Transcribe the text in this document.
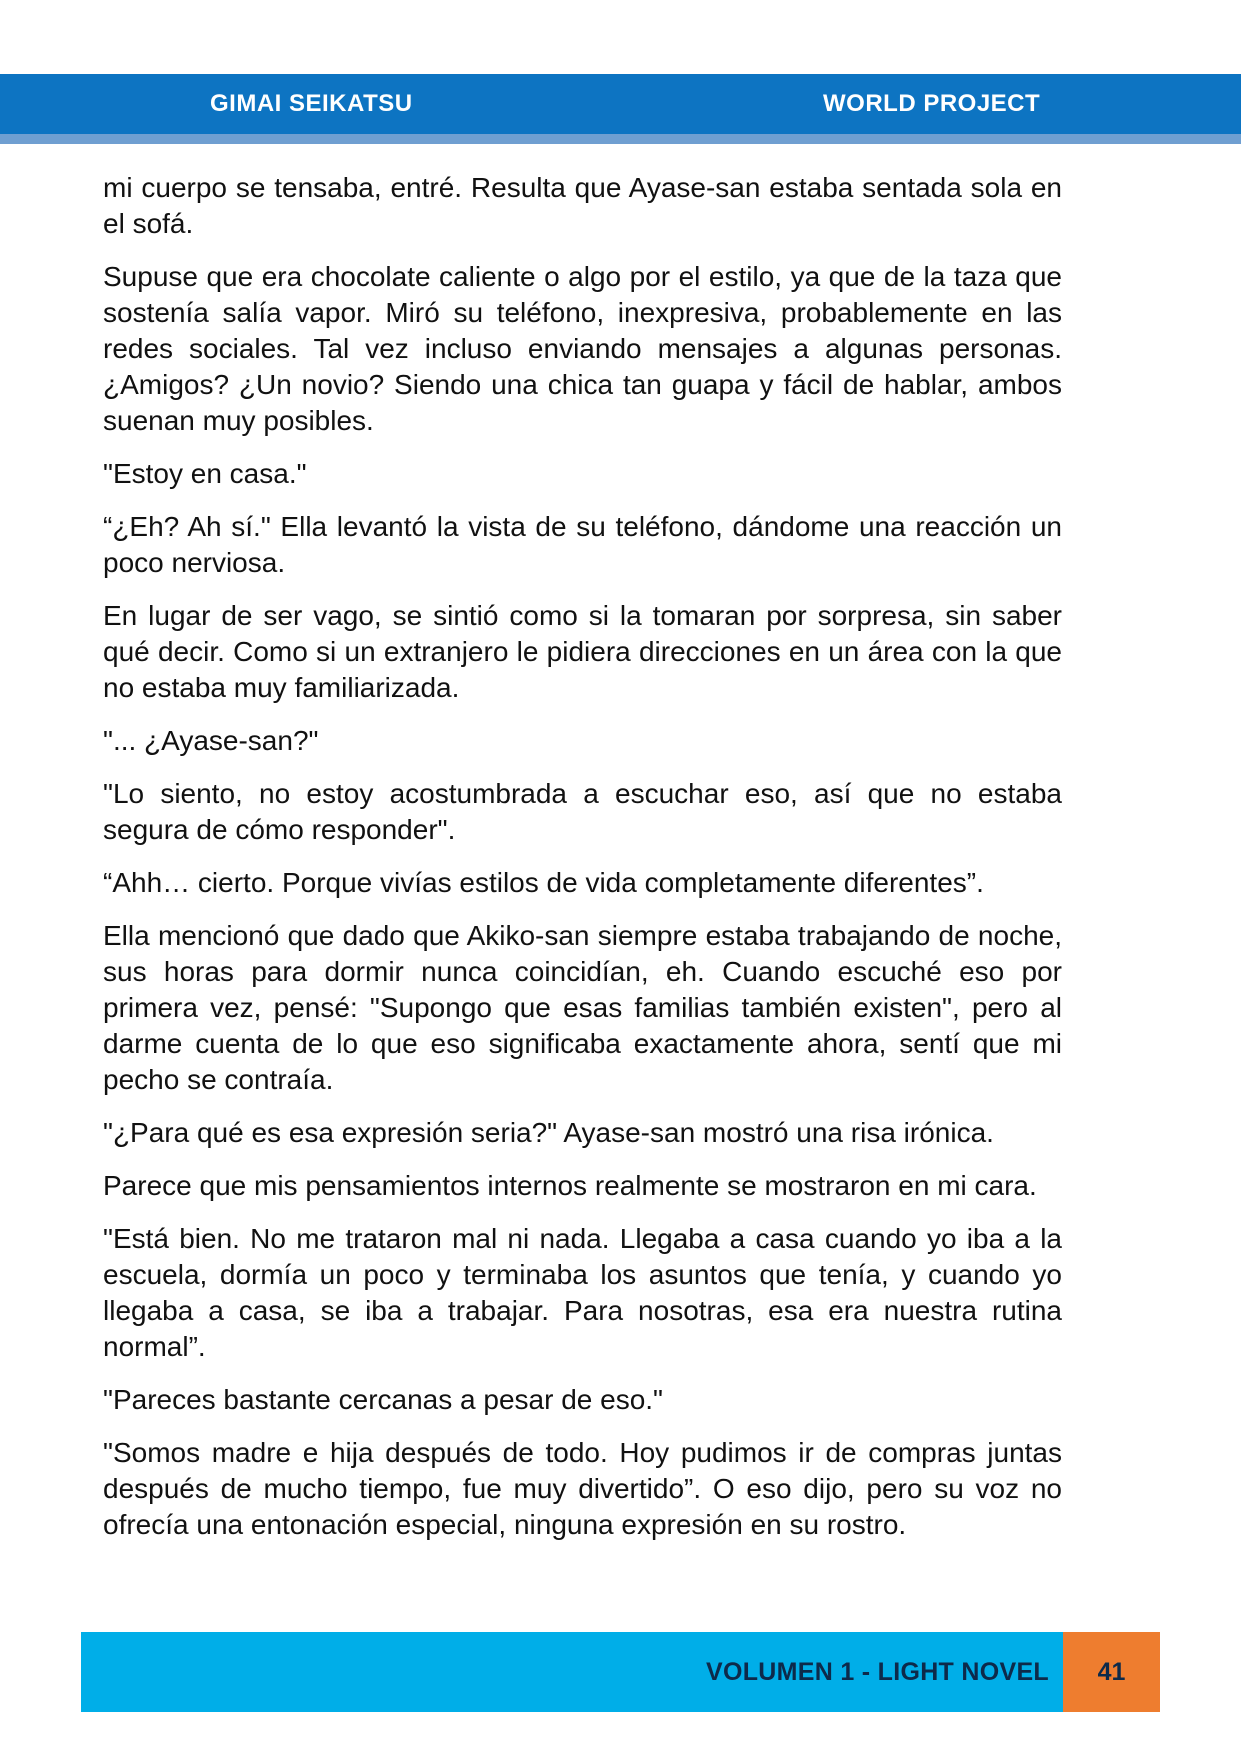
GIMAI SEIKATSU	WORLD PROJECT

mi cuerpo se tensaba, entré. Resulta que Ayase-san estaba sentada sola en el sofá.

Supuse que era chocolate caliente o algo por el estilo, ya que de la taza que sostenía salía vapor. Miró su teléfono, inexpresiva, probablemente en las redes sociales. Tal vez incluso enviando mensajes a algunas personas. ¿Amigos? ¿Un novio? Siendo una chica tan guapa y fácil de hablar, ambos suenan muy posibles.

"Estoy en casa."

“¿Eh? Ah sí." Ella levantó la vista de su teléfono, dándome una reacción un poco nerviosa.

En lugar de ser vago, se sintió como si la tomaran por sorpresa, sin saber qué decir. Como si un extranjero le pidiera direcciones en un área con la que no estaba muy familiarizada.

"... ¿Ayase-san?"

"Lo siento, no estoy acostumbrada a escuchar eso, así que no estaba segura de cómo responder".

“Ahh… cierto. Porque vivías estilos de vida completamente diferentes”.

Ella mencionó que dado que Akiko-san siempre estaba trabajando de noche, sus horas para dormir nunca coincidían, eh. Cuando escuché eso por primera vez, pensé: "Supongo que esas familias también existen", pero al darme cuenta de lo que eso significaba exactamente ahora, sentí que mi pecho se contraía.

"¿Para qué es esa expresión seria?" Ayase-san mostró una risa irónica.

Parece que mis pensamientos internos realmente se mostraron en mi cara.

"Está bien. No me trataron mal ni nada. Llegaba a casa cuando yo iba a la escuela, dormía un poco y terminaba los asuntos que tenía, y cuando yo llegaba a casa, se iba a trabajar. Para nosotras, esa era nuestra rutina normal”.

"Pareces bastante cercanas a pesar de eso."

"Somos madre e hija después de todo. Hoy pudimos ir de compras juntas después de mucho tiempo, fue muy divertido”. O eso dijo, pero su voz no ofrecía una entonación especial, ninguna expresión en su rostro.

VOLUMEN 1 - LIGHT NOVEL	41
